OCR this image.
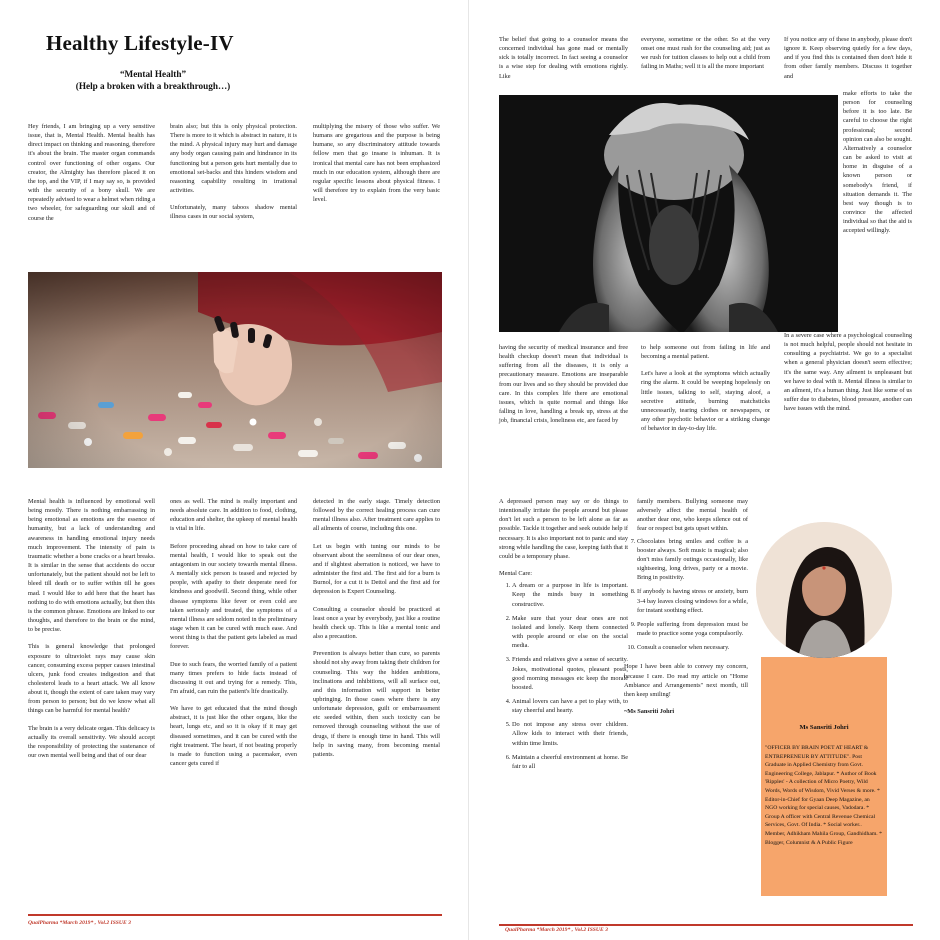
Healthy Lifestyle-IV
“Mental Health”
(Help a broken with a breakthrough…)

Hey friends, I am bringing up a very sensitive issue, that is, Mental Health. Mental health has direct impact on thinking and reasoning, therefore it's about the brain. The master organ commands control over functioning of other organs. Our creator, the Almighty has therefore placed it on the top, and the VIP, if I may say so, is provided with the security of a bony skull. We are repeatedly advised to wear a helmet when riding a two wheeler, for safeguarding our skull and of course the

brain also; but this is only physical protection. There is more to it which is abstract in nature, it is the mind. A physical injury may hurt and damage any body organ causing pain and hindrance in its functioning but a person gets hurt mentally due to emotional set-backs and this hinders wisdom and reasoning capability resulting in irrational activities.

Unfortunately, many taboos shadow mental illness cases in our social system,

multiplying the misery of those who suffer. We humans are gregarious and the purpose is being humane, so any discriminatory attitude towards fellow men that go insane is inhuman. It is ironical that mental care has not been emphasized much in our education system, although there are regular specific lessons about physical fitness. I will therefore try to explain from the very basic level.

Mental health is influenced by emotional well being mostly. There is nothing embarrassing in being emotional as emotions are the essence of humanity, but a lack of understanding and awareness in handling emotional injury needs much improvement. The intensity of pain is traumatic whether a bone cracks or a heart breaks. It is similar in the sense that accidents do occur unfortunately, but the patient should not be left to bleed till death or to suffer within till he goes mad. I would like to add here that the heart has nothing to do with emotions actually, but then this is the common phrase. Emotions are linked to our thoughts, and therefore to the brain or the mind, to be precise.

This is general knowledge that prolonged exposure to ultraviolet rays may cause skin cancer, consuming excess pepper causes intestinal ulcers, junk food creates indigestion and that cholesterol leads to a heart attack. We all know about it, though the extent of care taken may vary from person to person; but do we know what all things can be harmful for mental health?

The brain is a very delicate organ. This delicacy is actually its overall sensitivity. We should accept the responsibility of protecting the sustenance of our own mental well being and that of our dear

ones as well. The mind is really important and needs absolute care. In addition to food, clothing, education and shelter, the upkeep of mental health is vital in life.

Before proceeding ahead on how to take care of mental health, I would like to speak out the antagonism in our society towards mental illness. A mentally sick person is teased and rejected by people, with apathy to their desperate need for kindness and goodwill. Second thing, while other disease symptoms like fever or even cold are taken seriously and treated, the symptoms of a mental illness are seldom noted in the preliminary stage when it can be cured with much ease. And worst thing is that the patient gets labeled as mad forever.

Due to such fears, the worried family of a patient many times prefers to hide facts instead of discussing it out and trying for a remedy. This, I'm afraid, can ruin the patient's life drastically.

We have to get educated that the mind though abstract, it is just like the other organs, like the heart, lungs etc, and so it is okay if it may get diseased sometimes, and it can be cured with the right treatment. The heart, if not beating properly is made to function using a pacemaker, even cancer gets cured if

detected in the early stage. Timely detection followed by the correct healing process can cure mental illness also. After treatment care applies to all ailments of course, including this one.

Let us begin with tuning our minds to be observant about the seemliness of our dear ones, and if slightest aberration is noticed, we have to administer the first aid. The first aid for a burn is Burnol, for a cut it is Dettol and the first aid for depression is Expert Counseling.

Consulting a counselor should be practiced at least once a year by everybody, just like a routine health check up. This is like a mental tonic and also a precaution.

Prevention is always better than cure, so parents should not shy away from taking their children for counseling. This way the hidden ambitions, inclinations and inhibitions, will all surface out, and this information will support in better upbringing. In those cases where there is any unfortunate depression, guilt or embarrassment etc seeded within, then such toxicity can be removed through counseling without the use of drugs, if there is enough time in hand. This will help in saving many, from becoming mental patients.

QualPharma *March 2019* , Vol.2 ISSUE 3

The belief that going to a counselor means the concerned individual has gone mad or mentally sick is totally incorrect. In fact seeing a counselor is a wise step for dealing with emotions rightly. Like

everyone, sometime or the other. So at the very onset one must rush for the counseling aid; just as we rush for tuition classes to help out a child from failing in Maths; well it is all the more important

If you notice any of these in anybody, please don't ignore it. Keep observing quietly for a few days, and if you find this is contained then don't hide it from other family members. Discuss it together and

make efforts to take the person for counseling before it is too late. Be careful to choose the right professional; second opinion can also be sought. Alternatively a counselor can be asked to visit at home in disguise of a known person or somebody's friend, if situation demands it. The best way though is to convince the affected individual so that the aid is accepted willingly.

In a severe case where a psychological counseling is not much helpful, people should not hesitate in consulting a psychiatrist. We go to a specialist when a general physician doesn't seem effective; it's the same way. Any ailment is unpleasant but we have to deal with it. Mental illness is similar to an ailment, it's a human thing. Just like some of us suffer due to diabetes, blood pressure, another can have issues with the mind.

having the security of medical insurance and free health checkup doesn't mean that individual is suffering from all the diseases, it is only a precautionary measure. Emotions are inseparable from our lives and so they should be provided due care. In this complex life there are emotional issues, which is quite normal and things like falling in love, handling a break up, stress at the job, financial crisis, loneliness etc, are faced by

to help someone out from failing in life and becoming a mental patient.

Let's have a look at the symptoms which actually ring the alarm. It could be weeping hopelessly on little issues, talking to self, staying aloof, a secretive attitude, burning matchsticks unnecessarily, tearing clothes or newspapers, or any other psychotic behavior or a striking change of behavior in day-to-day life.

A depressed person may say or do things to intentionally irritate the people around but please don't let such a person to be left alone as far as possible. Tackle it together and seek outside help if necessary. It is also important not to panic and stay strong while handling the case, keeping faith that it could be a temporary phase.

Mental Care:

1. A dream or a purpose in life is important. Keep the minds busy in something constructive.
2. Make sure that your dear ones are not isolated and lonely. Keep them connected with people around or else on the social media.
3. Friends and relatives give a sense of security. Jokes, motivational quotes, pleasant posts, good morning messages etc keep the morale boosted.
4. Animal lovers can have a pet to play with, to stay cheerful and hearty.
5. Do not impose any stress over children. Allow kids to interact with their friends, within time limits.
6. Maintain a cheerful environment at home. Be fair to all

family members. Bullying someone may adversely affect the mental health of another dear one, who keeps silence out of fear or respect but gets upset within.

7. Chocolates bring smiles and coffee is a booster always. Soft music is magical; also don't miss family outings occasionally, like sightseeing, long drives, party or a movie. Bring in positivity.
8. If anybody is having stress or anxiety, burn 3-4 bay leaves closing windows for a while, for instant soothing effect.
9. People suffering from depression must be made to practice some yoga compulsorily.
10. Consult a counselor when necessary.

Hope I have been able to convey my concern, because I care. Do read my article on "Home Ambiance and Arrangements" next month, till then keep smiling!

~Ms Sansriti Johri

Ms Sansriti Johri
"OFFICER BY BRAIN POET AT HEART & ENTREPRENEUR BY ATTITUDE". Post Graduate in Applied Chemistry from Govt. Engineering College, Jablapur. * Author of Book 'Ripples' - A collection of Micro Poetry, Wild Words, Words of Wisdom, Vivid Verses & more. * Editor-in-Chief for Gyaan Deep Magazine, an NGO working for special causes, Vadodara. * Group A officer with Central Revenue Chemical Services, Govt. Of India. * Social worker.. Member, Adhikham Mahila Group, Gandhidham. * Blogger, Columnist & A Public Figure
QualPharma *March 2019* , Vol.2 ISSUE 3
